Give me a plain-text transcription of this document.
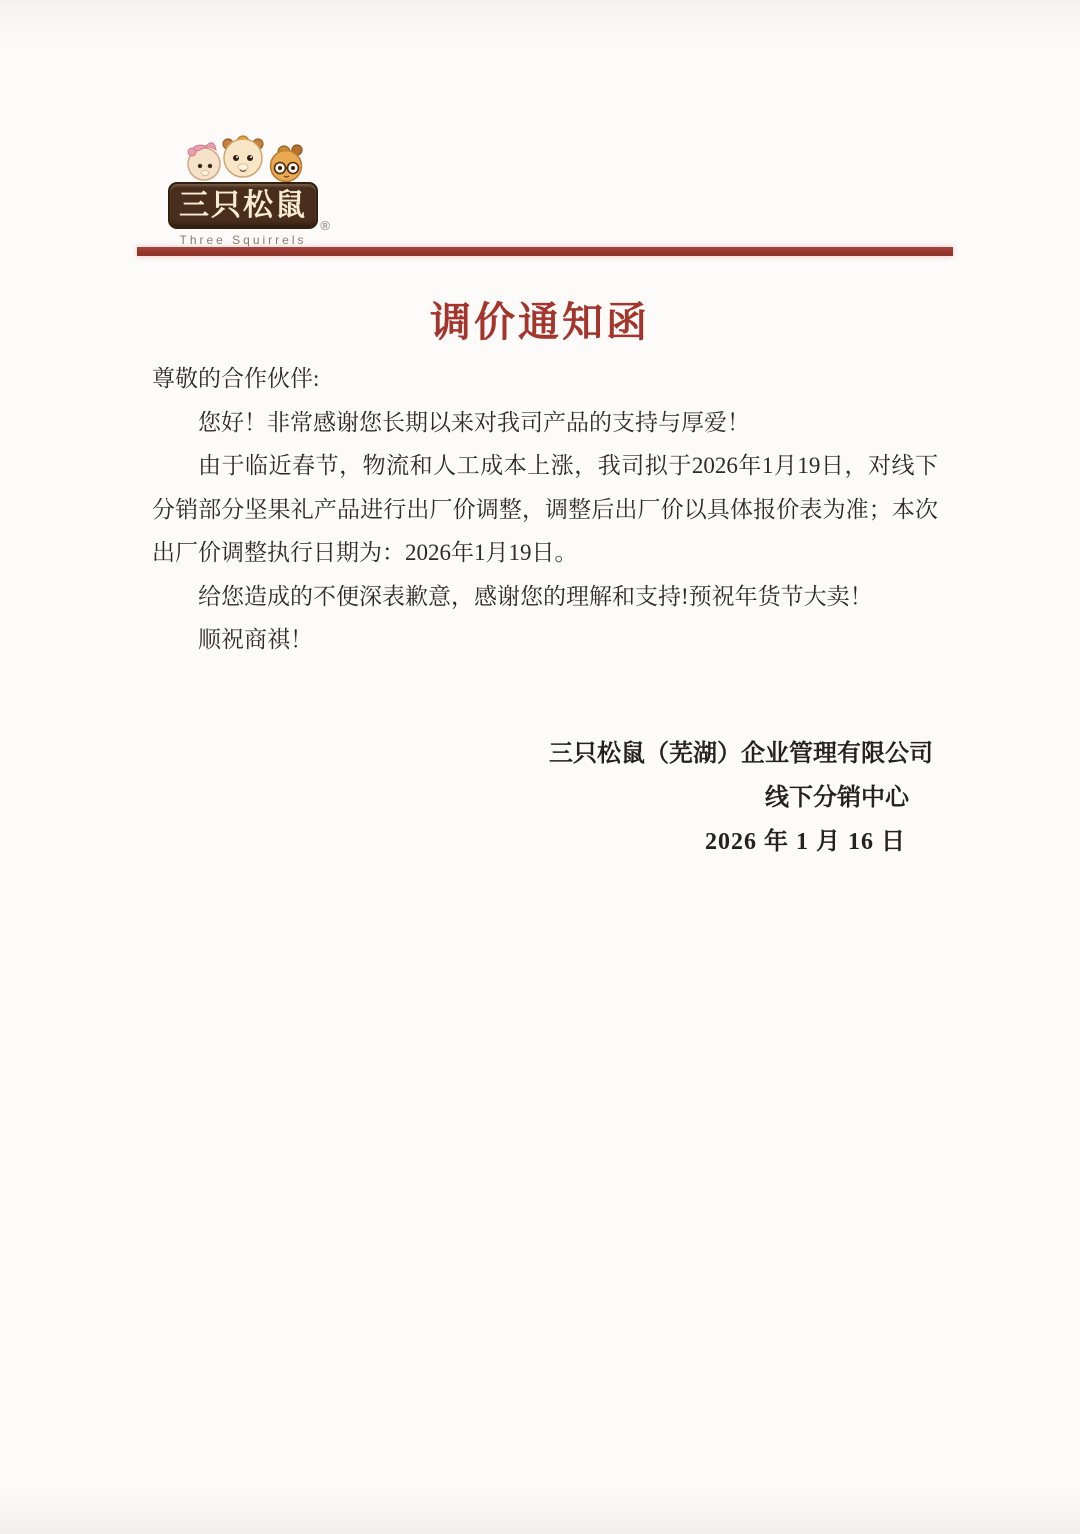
三只松鼠
®
Three Squirrels
调价通知函

尊敬的合作伙伴:

您好！非常感谢您长期以来对我司产品的支持与厚爱！

由于临近春节，物流和人工成本上涨，我司拟于2026年1月19日，对线下分销部分坚果礼产品进行出厂价调整，调整后出厂价以具体报价表为准；本次出厂价调整执行日期为：2026年1月19日。

给您造成的不便深表歉意，感谢您的理解和支持!预祝年货节大卖！

顺祝商祺！

三只松鼠（芜湖）企业管理有限公司

线下分销中心

2026 年 1 月 16 日
